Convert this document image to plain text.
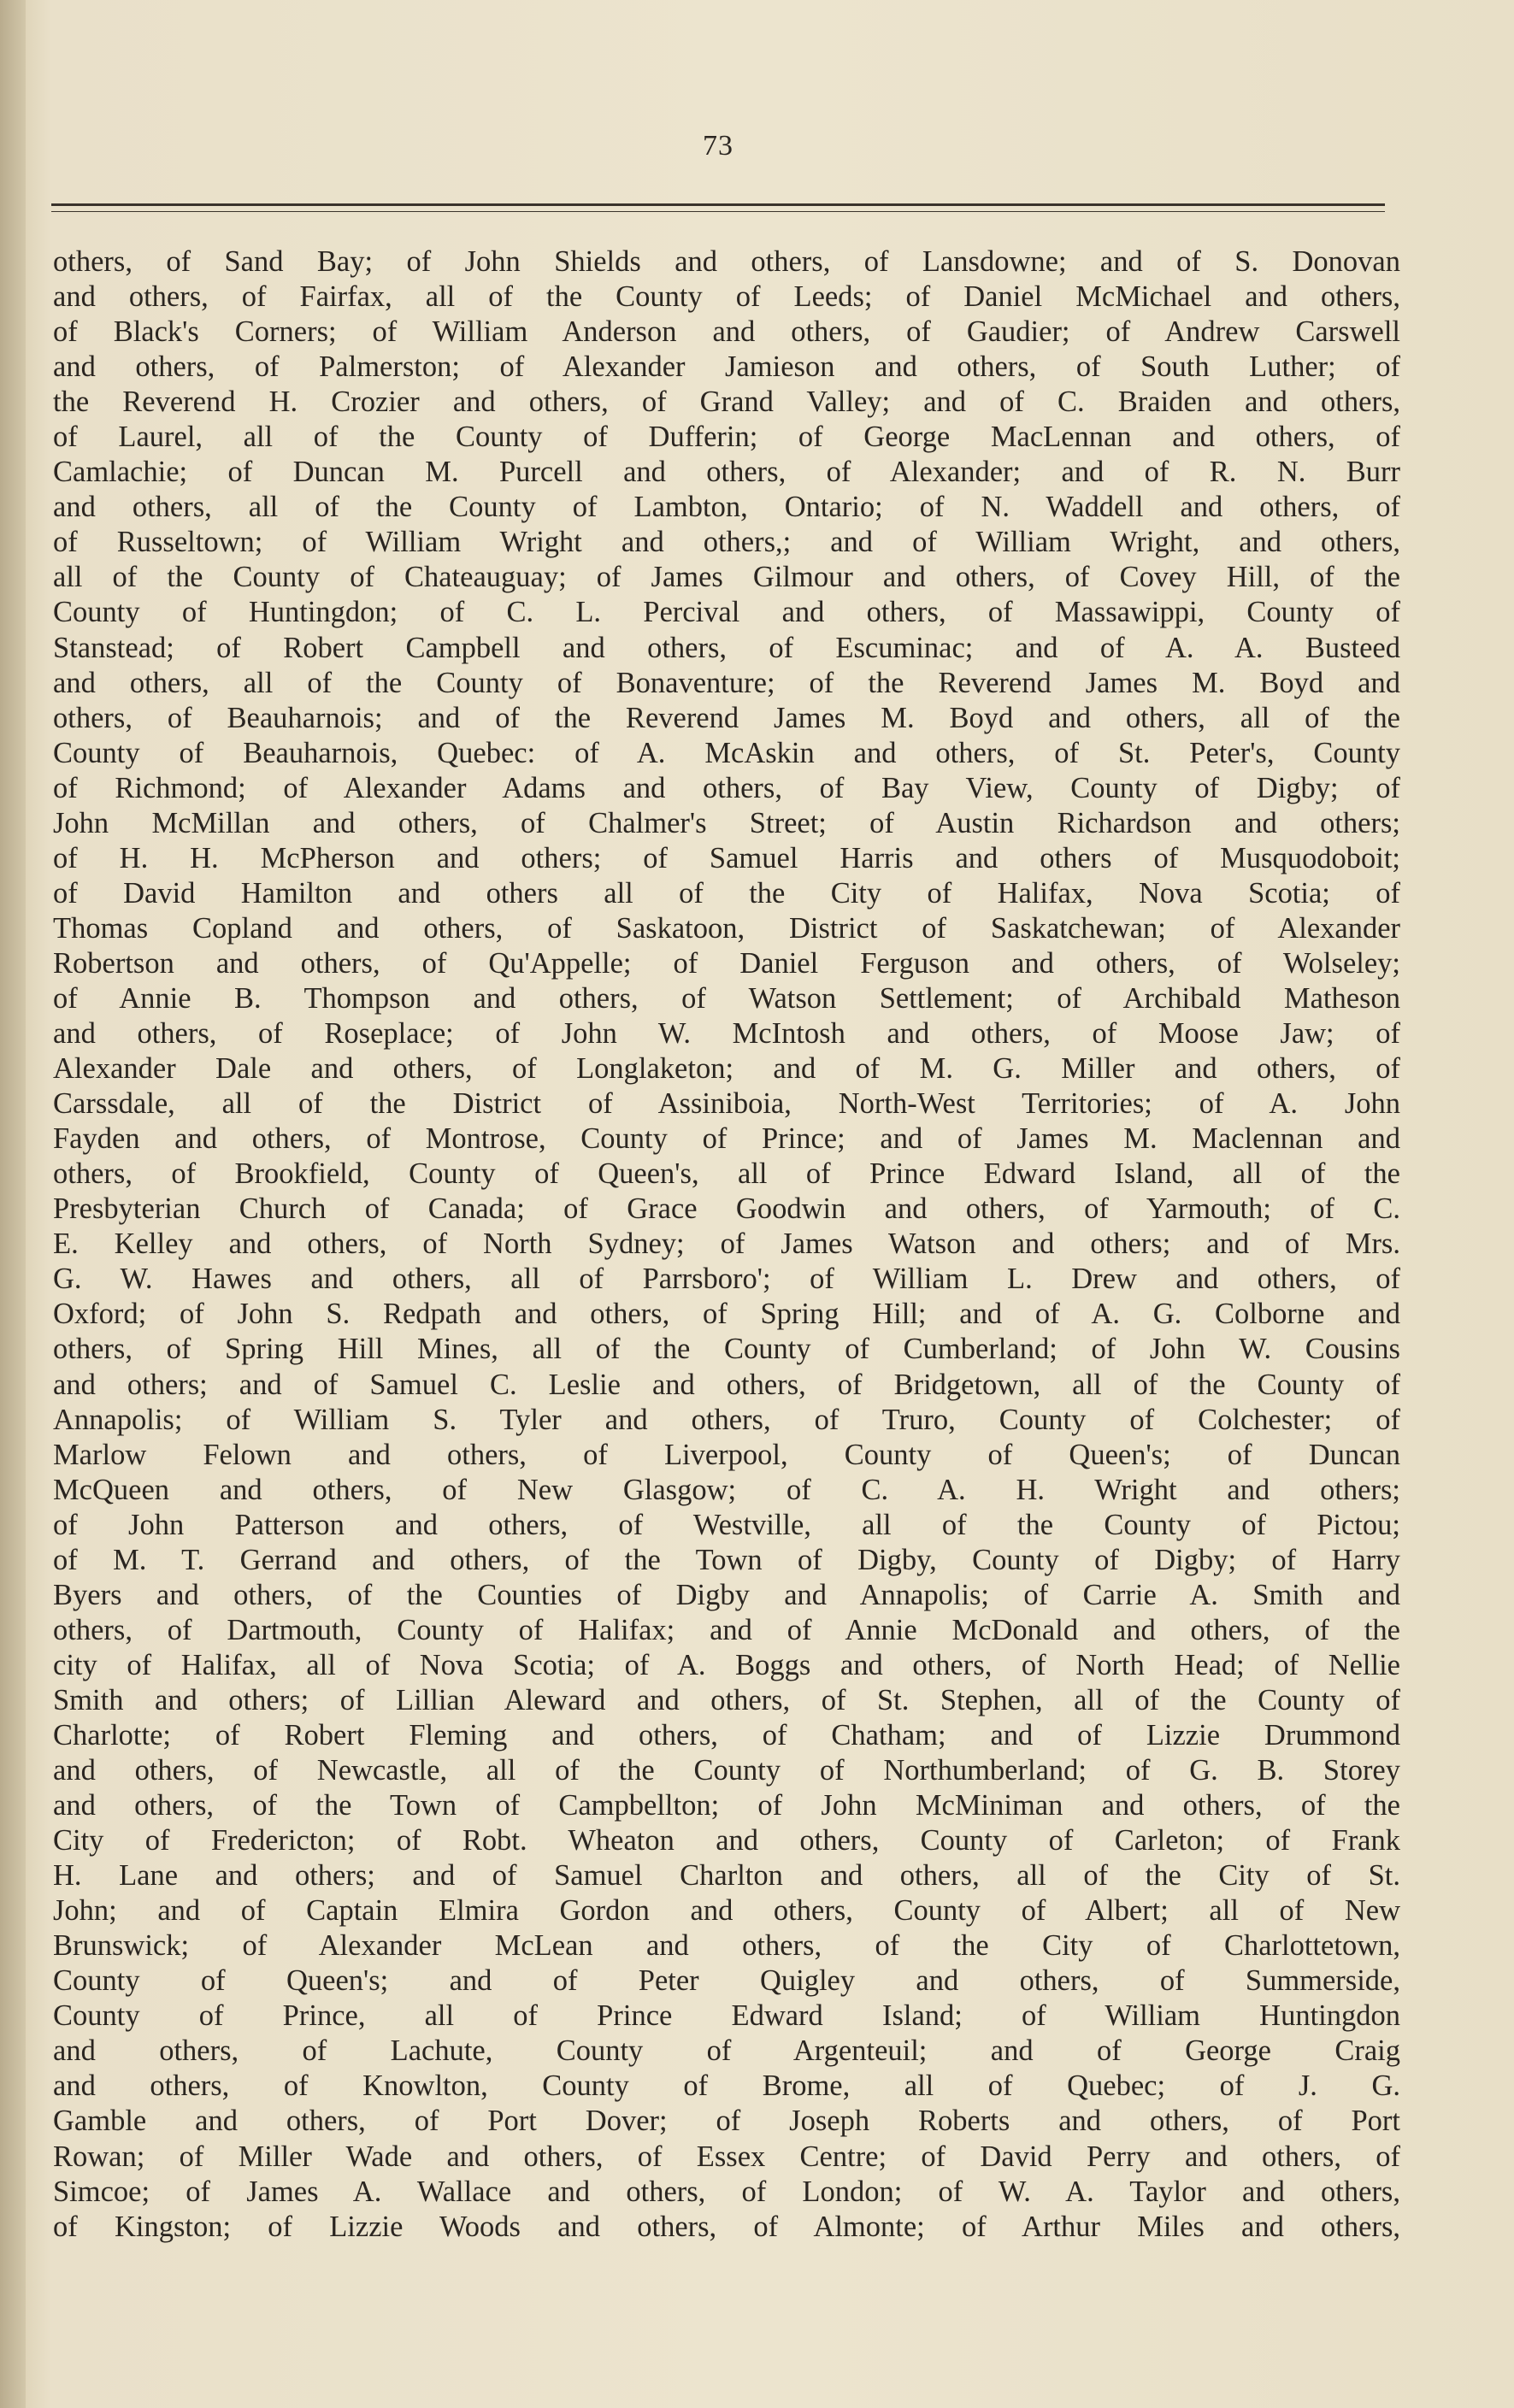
73

others, of Sand Bay; of John Shields and others, of Lansdowne; and of S. Donovan
and others, of Fairfax, all of the County of Leeds; of Daniel McMichael and others,
of Black's Corners; of William Anderson and others, of Gaudier; of Andrew Carswell
and others, of Palmerston; of Alexander Jamieson and others, of South Luther; of
the Reverend H. Crozier and others, of Grand Valley; and of C. Braiden and others,
of Laurel, all of the County of Dufferin; of George MacLennan and others, of
Camlachie; of Duncan M. Purcell and others, of Alexander; and of R. N. Burr
and others, all of the County of Lambton, Ontario; of N. Waddell and others, of
of Russeltown; of William Wright and others,; and of William Wright, and others,
all of the County of Chateauguay; of James Gilmour and others, of Covey Hill, of the
County of Huntingdon; of C. L. Percival and others, of Massawippi, County of
Stanstead; of Robert Campbell and others, of Escuminac; and of A. A. Busteed
and others, all of the County of Bonaventure; of the Reverend James M. Boyd and
others, of Beauharnois; and of the Reverend James M. Boyd and others, all of the
County of Beauharnois, Quebec: of A. McAskin and others, of St. Peter's, County
of Richmond; of Alexander Adams and others, of Bay View, County of Digby; of
John McMillan and others, of Chalmer's Street; of Austin Richardson and others;
of H. H. McPherson and others; of Samuel Harris and others of Musquodoboit;
of David Hamilton and others all of the City of Halifax, Nova Scotia; of
Thomas Copland and others, of Saskatoon, District of Saskatchewan; of Alexander
Robertson and others, of Qu'Appelle; of Daniel Ferguson and others, of Wolseley;
of Annie B. Thompson and others, of Watson Settlement; of Archibald Matheson
and others, of Roseplace; of John W. McIntosh and others, of Moose Jaw; of
Alexander Dale and others, of Longlaketon; and of M. G. Miller and others, of
Carssdale, all of the District of Assiniboia, North-West Territories; of A. John
Fayden and others, of Montrose, County of Prince; and of James M. Maclennan and
others, of Brookfield, County of Queen's, all of Prince Edward Island, all of the
Presbyterian Church of Canada; of Grace Goodwin and others, of Yarmouth; of C.
E. Kelley and others, of North Sydney; of James Watson and others; and of Mrs.
G. W. Hawes and others, all of Parrsboro'; of William L. Drew and others, of
Oxford; of John S. Redpath and others, of Spring Hill; and of A. G. Colborne and
others, of Spring Hill Mines, all of the County of Cumberland; of John W. Cousins
and others; and of Samuel C. Leslie and others, of Bridgetown, all of the County of
Annapolis; of William S. Tyler and others, of Truro, County of Colchester; of
Marlow Felown and others, of Liverpool, County of Queen's; of Duncan
McQueen and others, of New Glasgow; of C. A. H. Wright and others;
of John Patterson and others, of Westville, all of the County of Pictou;
of M. T. Gerrand and others, of the Town of Digby, County of Digby; of Harry
Byers and others, of the Counties of Digby and Annapolis; of Carrie A. Smith and
others, of Dartmouth, County of Halifax; and of Annie McDonald and others, of the
city of Halifax, all of Nova Scotia; of A. Boggs and others, of North Head; of Nellie
Smith and others; of Lillian Aleward and others, of St. Stephen, all of the County of
Charlotte; of Robert Fleming and others, of Chatham; and of Lizzie Drummond
and others, of Newcastle, all of the County of Northumberland; of G. B. Storey
and others, of the Town of Campbellton; of John McMiniman and others, of the
City of Fredericton; of Robt. Wheaton and others, County of Carleton; of Frank
H. Lane and others; and of Samuel Charlton and others, all of the City of St.
John; and of Captain Elmira Gordon and others, County of Albert; all of New
Brunswick; of Alexander McLean and others, of the City of Charlottetown,
County of Queen's; and of Peter Quigley and others, of Summerside,
County of Prince, all of Prince Edward Island; of William Huntingdon
and others, of Lachute, County of Argenteuil; and of George Craig
and others, of Knowlton, County of Brome, all of Quebec; of J. G.
Gamble and others, of Port Dover; of Joseph Roberts and others, of Port
Rowan; of Miller Wade and others, of Essex Centre; of David Perry and others, of
Simcoe; of James A. Wallace and others, of London; of W. A. Taylor and others,
of Kingston; of Lizzie Woods and others, of Almonte; of Arthur Miles and others,
